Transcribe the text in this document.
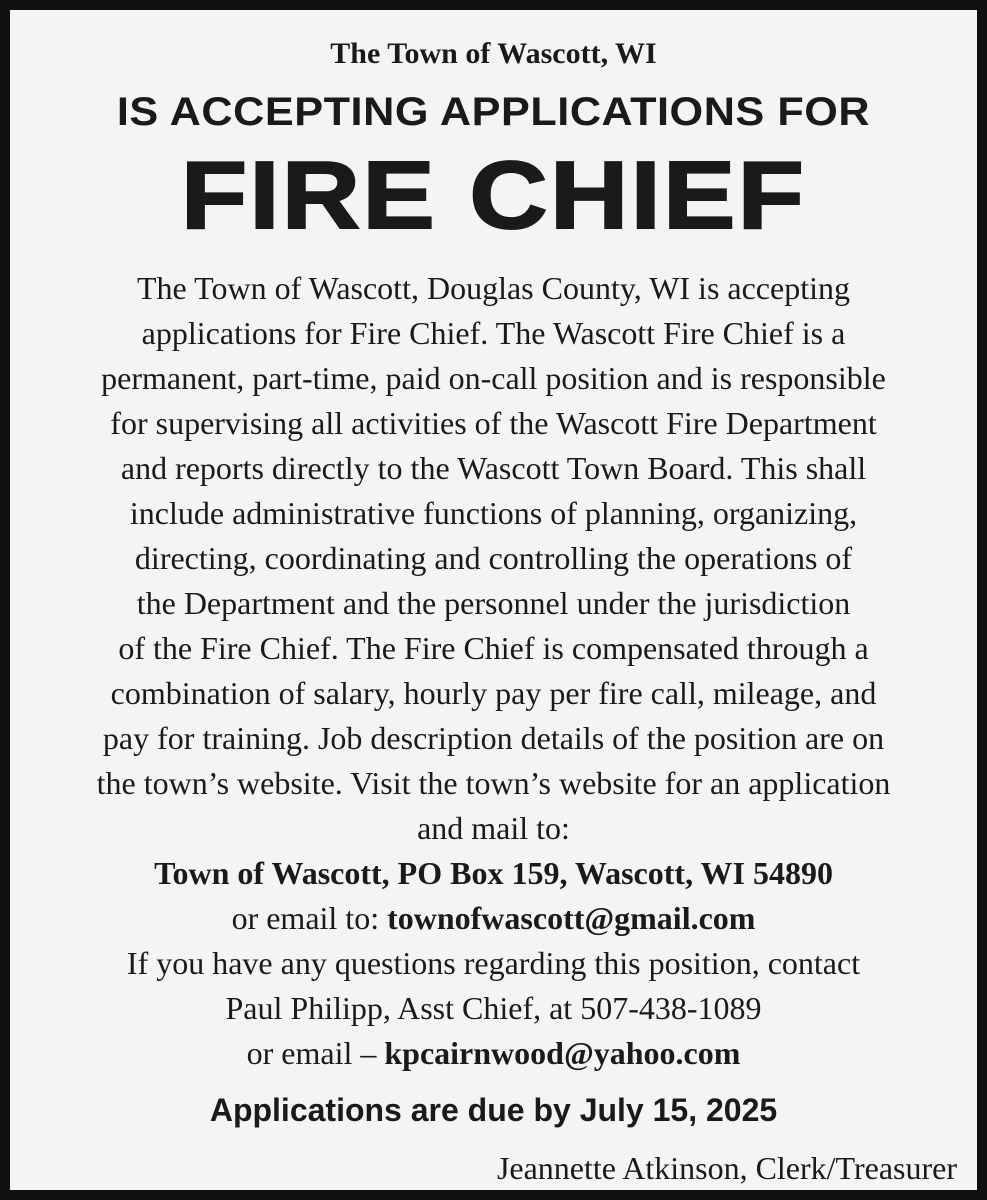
The Town of Wascott, WI
IS ACCEPTING APPLICATIONS FOR
FIRE CHIEF
The Town of Wascott, Douglas County, WI is accepting
applications for Fire Chief. The Wascott Fire Chief is a
permanent, part-time, paid on-call position and is responsible
for supervising all activities of the Wascott Fire Department
and reports directly to the Wascott Town Board. This shall
include administrative functions of planning, organizing,
directing, coordinating and controlling the operations of
the Department and the personnel under the jurisdiction
of the Fire Chief. The Fire Chief is compensated through a
combination of salary, hourly pay per fire call, mileage, and
pay for training. Job description details of the position are on
the town’s website. Visit the town’s website for an application
and mail to:
Town of Wascott, PO Box 159, Wascott, WI 54890
or email to: townofwascott@gmail.com
If you have any questions regarding this position, contact
Paul Philipp, Asst Chief, at 507-438-1089
or email – kpcairnwood@yahoo.com
Applications are due by July 15, 2025
Jeannette Atkinson, Clerk/Treasurer
